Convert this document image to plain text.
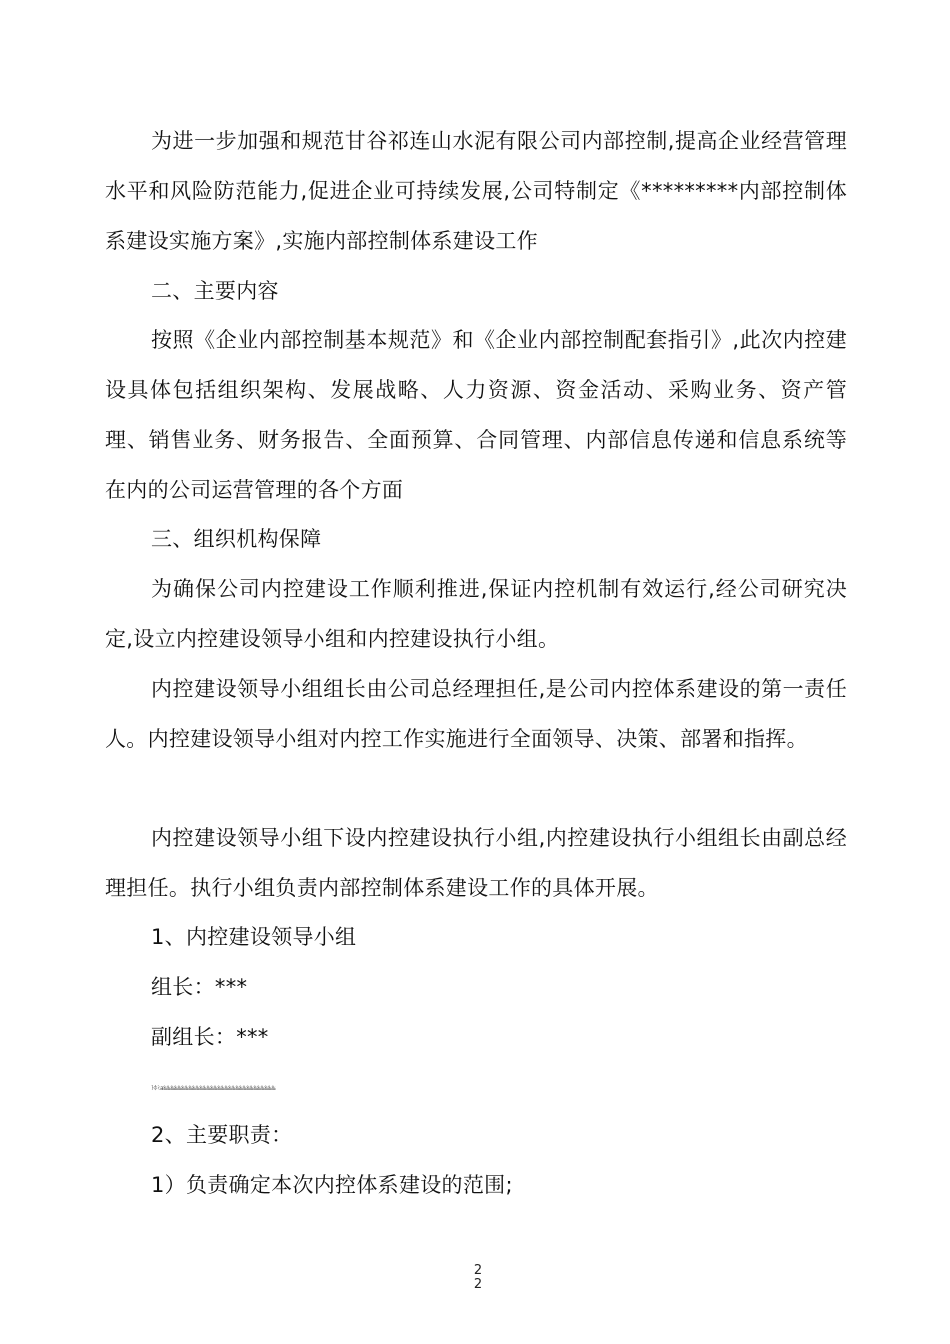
为进一步加强和规范甘谷祁连山水泥有限公司内部控制,提高企业经营管理水平和风险防范能力,促进企业可持续发展,公司特制定《*********内部控制体系建设实施方案》,实施内部控制体系建设工作

二、主要内容

按照《企业内部控制基本规范》和《企业内部控制配套指引》,此次内控建设具体包括组织架构、发展战略、人力资源、资金活动、采购业务、资产管理、销售业务、财务报告、全面预算、合同管理、内部信息传递和信息系统等在内的公司运营管理的各个方面

三、组织机构保障

为确保公司内控建设工作顺利推进,保证内控机制有效运行,经公司研究决定,设立内控建设领导小组和内控建设执行小组。

内控建设领导小组组长由公司总经理担任,是公司内控体系建设的第一责任人。内控建设领导小组对内控工作实施进行全面领导、决策、部署和指挥。

内控建设领导小组下设内控建设执行小组,内控建设执行小组组长由副总经理担任。执行小组负责内部控制体系建设工作的具体开展。

1、内控建设领导小组

组长：***

副组长：***

ﾄﾎﾐa‱‱‱‱‱‱‱‱‱‱‱‱‱‱‱‱‱‱‱‱‱‱‱‱‱‱‱‱‱‱‱

2、主要职责：

1）负责确定本次内控体系建设的范围;

2
2
